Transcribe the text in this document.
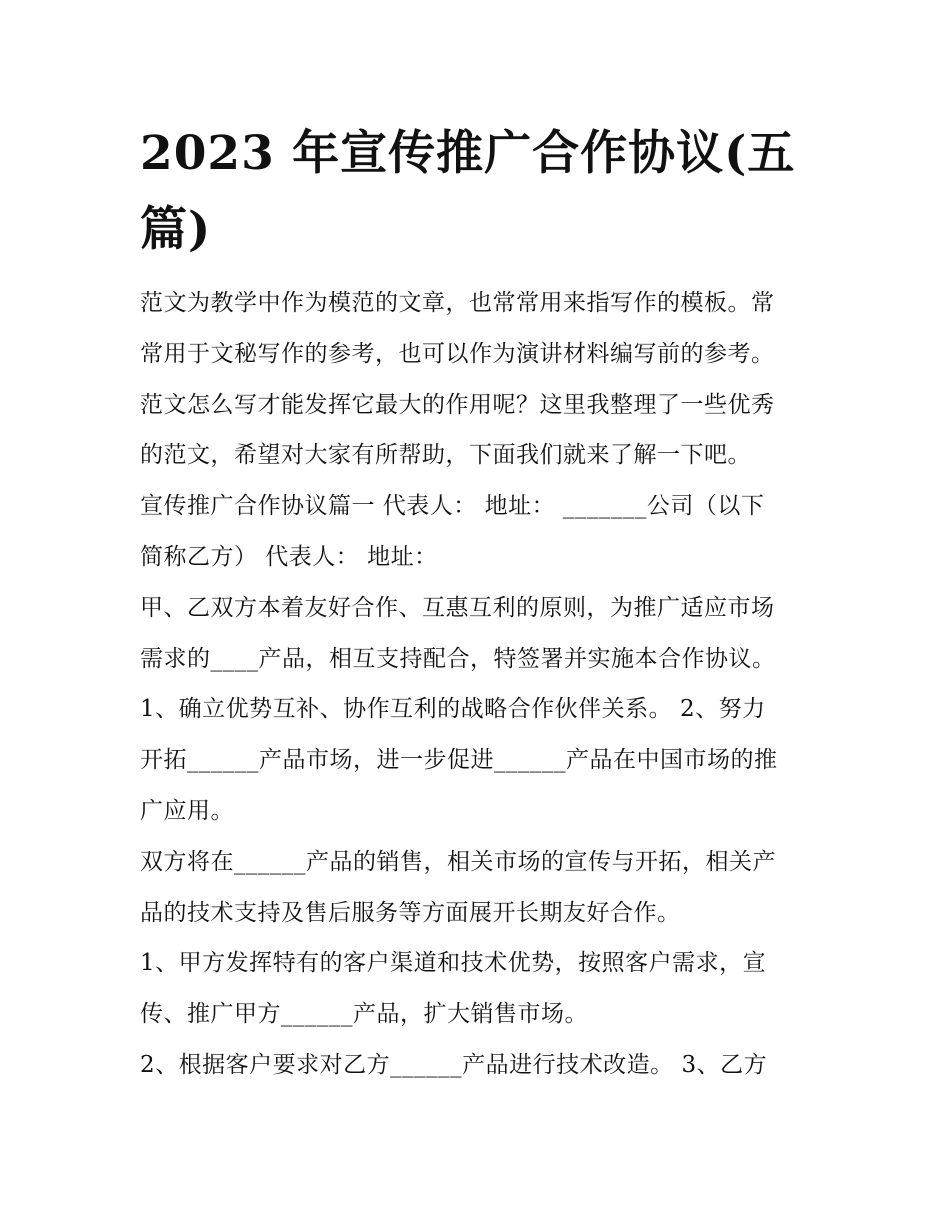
2023 年宣传推广合作协议(五篇)
范文为教学中作为模范的文章，也常常用来指写作的模板。常
常用于文秘写作的参考，也可以作为演讲材料编写前的参考。
范文怎么写才能发挥它最大的作用呢？这里我整理了一些优秀
的范文，希望对大家有所帮助，下面我们就来了解一下吧。
宣传推广合作协议篇一 代表人： 地址： _______公司（以下
简称乙方） 代表人： 地址：
甲、乙双方本着友好合作、互惠互利的原则，为推广适应市场
需求的____产品，相互支持配合，特签署并实施本合作协议。
1、确立优势互补、协作互利的战略合作伙伴关系。 2、努力
开拓______产品市场，进一步促进______产品在中国市场的推
广应用。
双方将在______产品的销售，相关市场的宣传与开拓，相关产
品的技术支持及售后服务等方面展开长期友好合作。
1、甲方发挥特有的客户渠道和技术优势，按照客户需求，宣
传、推广甲方______产品，扩大销售市场。
2、根据客户要求对乙方______产品进行技术改造。 3、乙方
